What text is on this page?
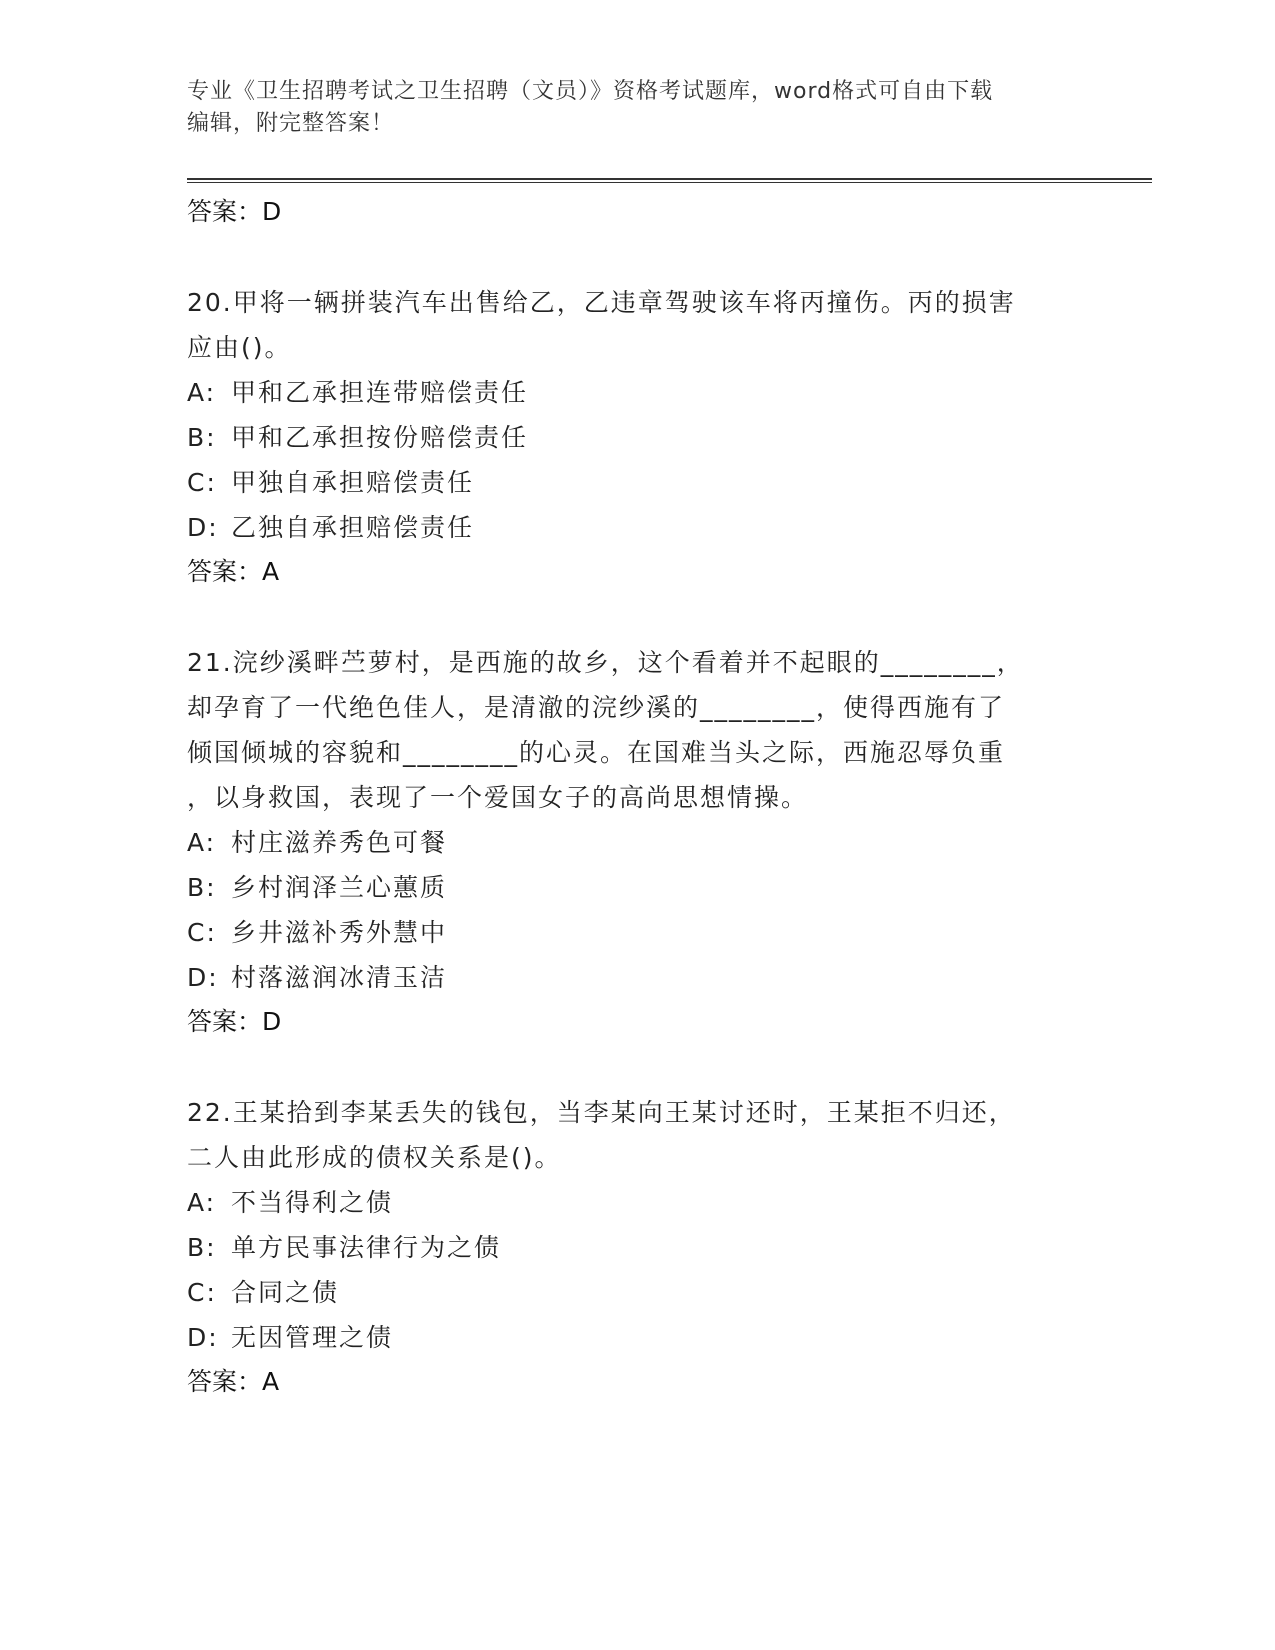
专业《卫生招聘考试之卫生招聘（文员）》资格考试题库，word格式可自由下载
编辑，附完整答案！
答案：D
20.甲将一辆拼装汽车出售给乙，乙违章驾驶该车将丙撞伤。丙的损害
应由()。
A: 甲和乙承担连带赔偿责任
B: 甲和乙承担按份赔偿责任
C: 甲独自承担赔偿责任
D: 乙独自承担赔偿责任
答案：A
21.浣纱溪畔苎萝村，是西施的故乡，这个看着并不起眼的________，
却孕育了一代绝色佳人，是清澈的浣纱溪的________，使得西施有了
倾国倾城的容貌和________的心灵。在国难当头之际，西施忍辱负重
，以身救国，表现了一个爱国女子的高尚思想情操。
A: 村庄滋养秀色可餐
B: 乡村润泽兰心蕙质
C: 乡井滋补秀外慧中
D: 村落滋润冰清玉洁
答案：D
22.王某拾到李某丢失的钱包，当李某向王某讨还时，王某拒不归还，
二人由此形成的债权关系是()。
A: 不当得利之债
B: 单方民事法律行为之债
C: 合同之债
D: 无因管理之债
答案：A
